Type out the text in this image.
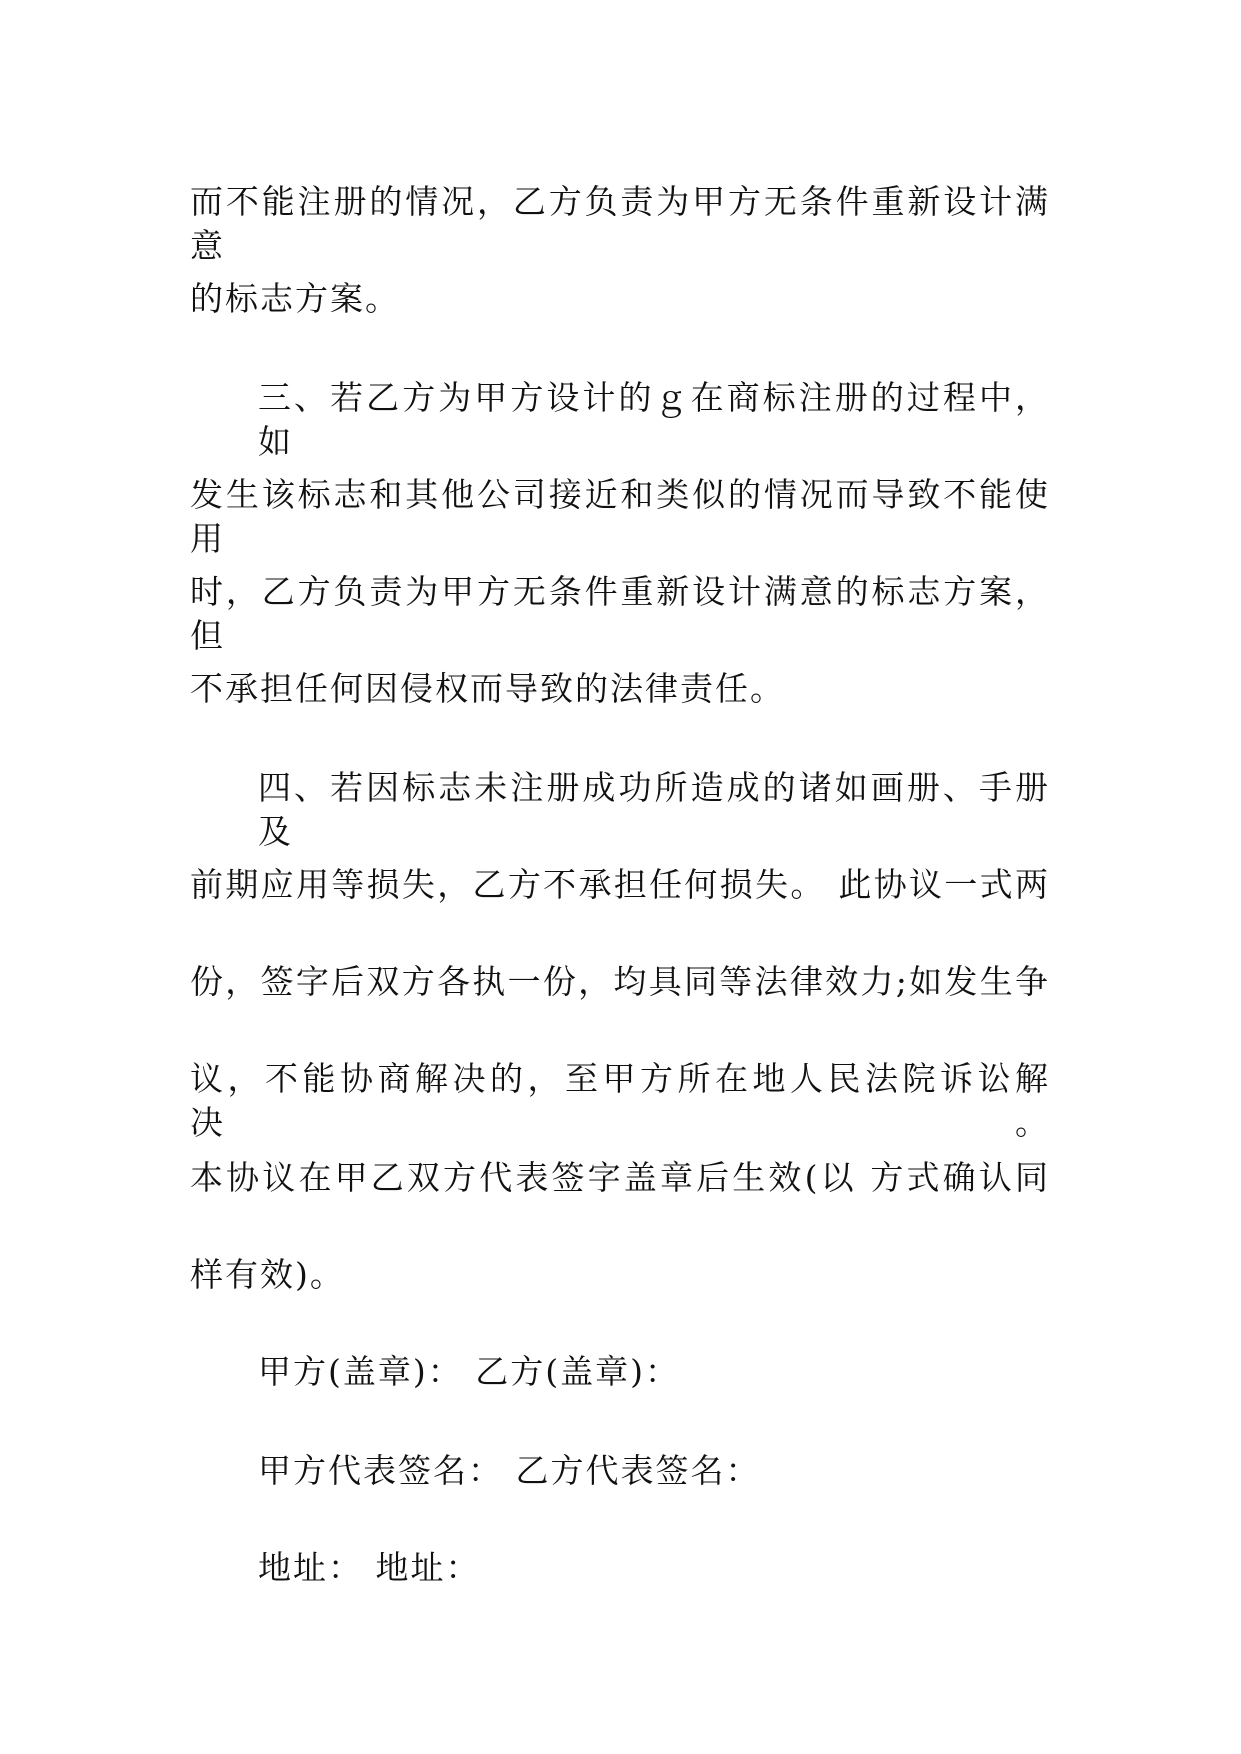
而不能注册的情况，乙方负责为甲方无条件重新设计满意
的标志方案。
三、若乙方为甲方设计的ｇ在商标注册的过程中，如
发生该标志和其他公司接近和类似的情况而导致不能使用
时，乙方负责为甲方无条件重新设计满意的标志方案，但
不承担任何因侵权而导致的法律责任。
四、若因标志未注册成功所造成的诸如画册、手册及
前期应用等损失，乙方不承担任何损失。 此协议一式两
份，签字后双方各执一份，均具同等法律效力;如发生争
议，不能协商解决的，至甲方所在地人民法院诉讼解决。
本协议在甲乙双方代表签字盖章后生效(以 方式确认同
样有效)。
甲方(盖章)： 乙方(盖章)：
甲方代表签名： 乙方代表签名：
地址： 地址：
